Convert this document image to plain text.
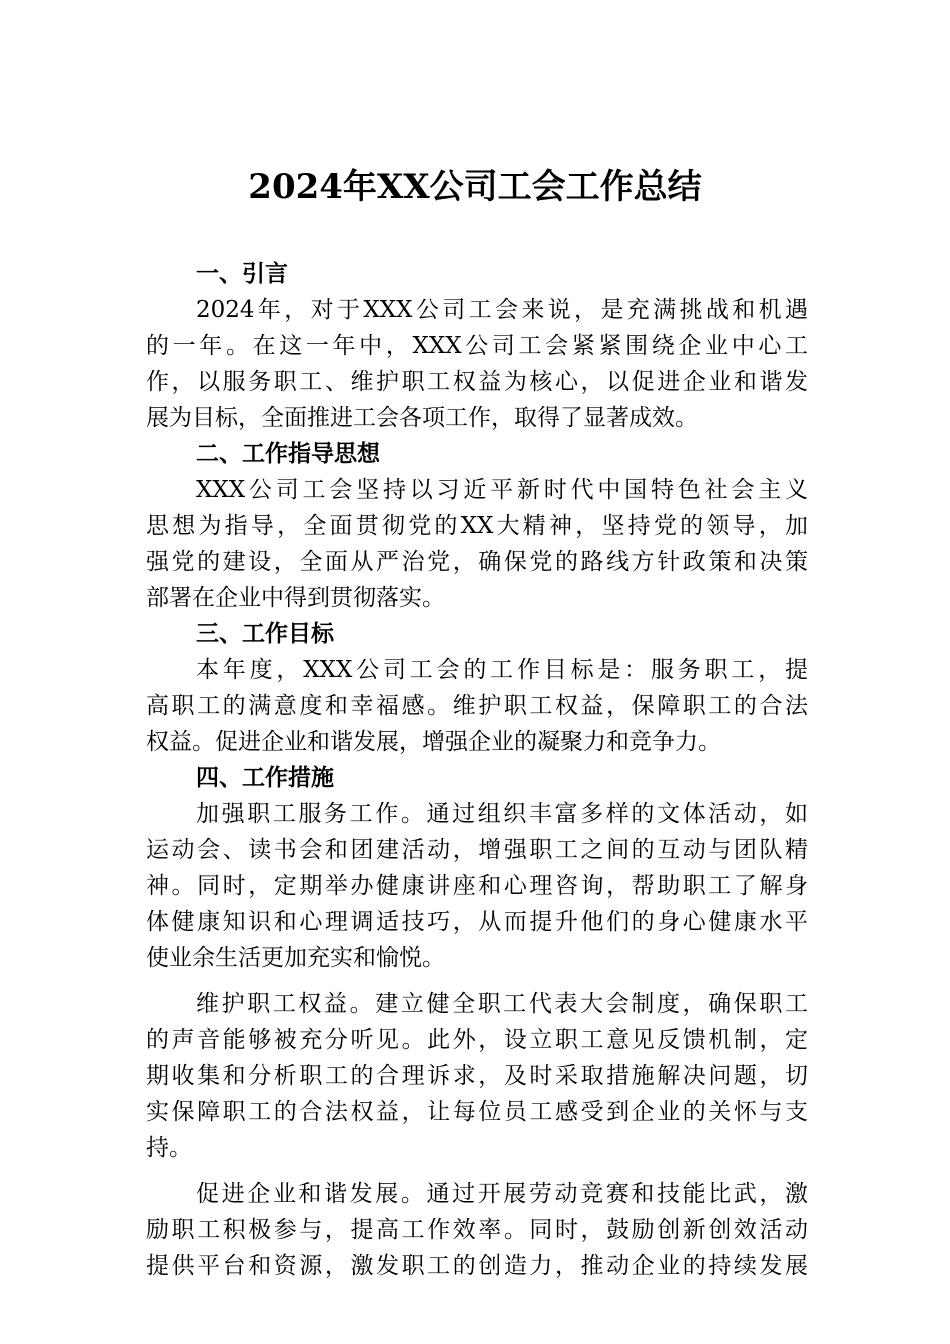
2024年XX公司工会工作总结
一、引言
2024年，对于XXX公司工会来说，是充满挑战和机遇
的一年。在这一年中，XXX公司工会紧紧围绕企业中心工
作，以服务职工、维护职工权益为核心，以促进企业和谐发
展为目标，全面推进工会各项工作，取得了显著成效。
二、工作指导思想
XXX公司工会坚持以习近平新时代中国特色社会主义
思想为指导，全面贯彻党的XX大精神，坚持党的领导，加
强党的建设，全面从严治党，确保党的路线方针政策和决策
部署在企业中得到贯彻落实。
三、工作目标
本年度，XXX公司工会的工作目标是：服务职工，提
高职工的满意度和幸福感。维护职工权益，保障职工的合法
权益。促进企业和谐发展，增强企业的凝聚力和竞争力。
四、工作措施
加强职工服务工作。通过组织丰富多样的文体活动，如
运动会、读书会和团建活动，增强职工之间的互动与团队精
神。同时，定期举办健康讲座和心理咨询，帮助职工了解身
体健康知识和心理调适技巧，从而提升他们的身心健康水平
使业余生活更加充实和愉悦。
维护职工权益。建立健全职工代表大会制度，确保职工
的声音能够被充分听见。此外，设立职工意见反馈机制，定
期收集和分析职工的合理诉求，及时采取措施解决问题，切
实保障职工的合法权益，让每位员工感受到企业的关怀与支
持。
促进企业和谐发展。通过开展劳动竞赛和技能比武，激
励职工积极参与，提高工作效率。同时，鼓励创新创效活动
提供平台和资源，激发职工的创造力，推动企业的持续发展
